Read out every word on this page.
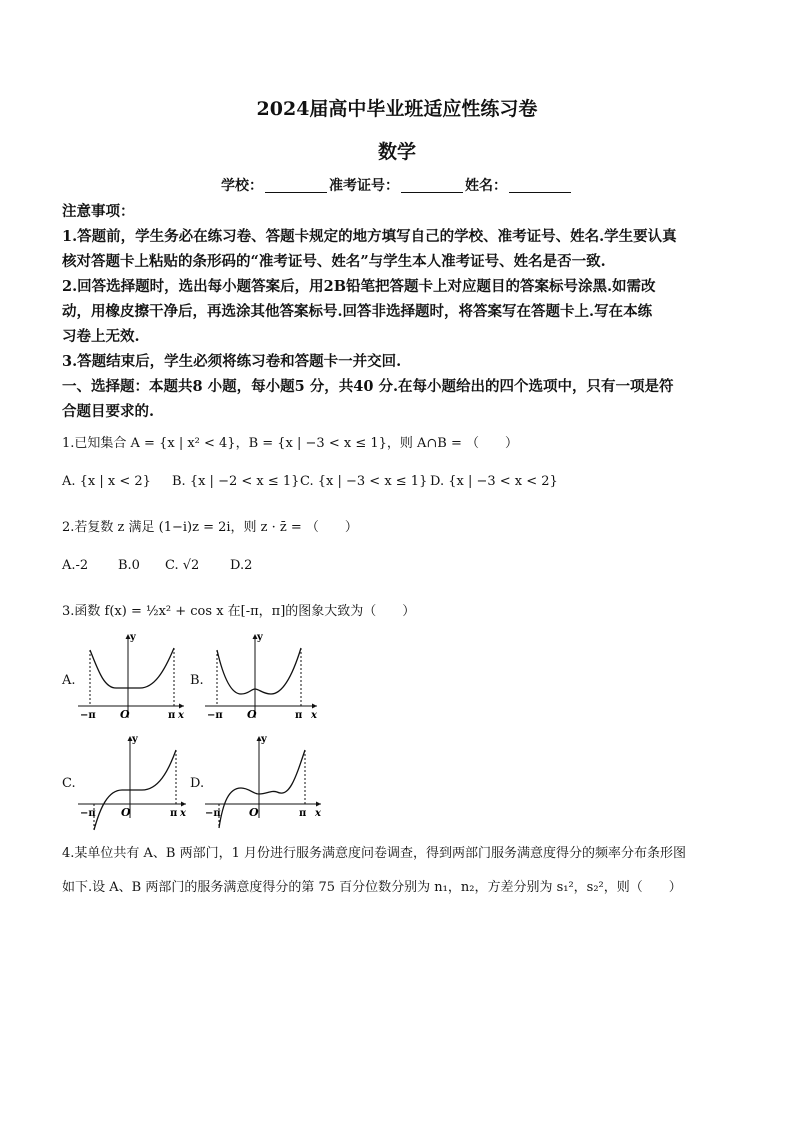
2024届高中毕业班适应性练习卷
数学
学校：	准考证号：	姓名：
注意事项：
1.答题前，学生务必在练习卷、答题卡规定的地方填写自己的学校、准考证号、姓名.学生要认真
核对答题卡上粘贴的条形码的“准考证号、姓名”与学生本人准考证号、姓名是否一致.
2.回答选择题时，选出每小题答案后，用2B铅笔把答题卡上对应题目的答案标号涂黑.如需改
动，用橡皮擦干净后，再选涂其他答案标号.回答非选择题时，将答案写在答题卡上.写在本练
习卷上无效.
3.答题结束后，学生必须将练习卷和答题卡一并交回.
一、选择题：本题共8 小题，每小题5 分，共40 分.在每小题给出的四个选项中，只有一项是符
合题目要求的.
1.已知集合 A = {x | x² < 4}，B = {x | −3 < x ≤ 1}，则 A∩B = （　　）
A. {x | x < 2} B. {x | −2 < x ≤ 1} C. {x | −3 < x ≤ 1} D. {x | −3 < x < 2}
2.若复数 z 满足 (1−i)z = 2i，则 z · z̄ = （　　）
A.-2 B.0 C. √2 D.2
3.函数 f(x) = ½x² + cos x 在[-π，π]的图象大致为（　　）
A.
y
x
O
−π	π
B.
y
x
O
−π	π
C.
y
x
O
−π	π
D.
y
x
O
−π	π
4.某单位共有 A、B 两部门，1 月份进行服务满意度问卷调查，得到两部门服务满意度得分的频率分布条形图
如下.设 A、B 两部门的服务满意度得分的第 75 百分位数分别为 n₁，n₂，方差分别为 s₁²，s₂²，则（　　）
